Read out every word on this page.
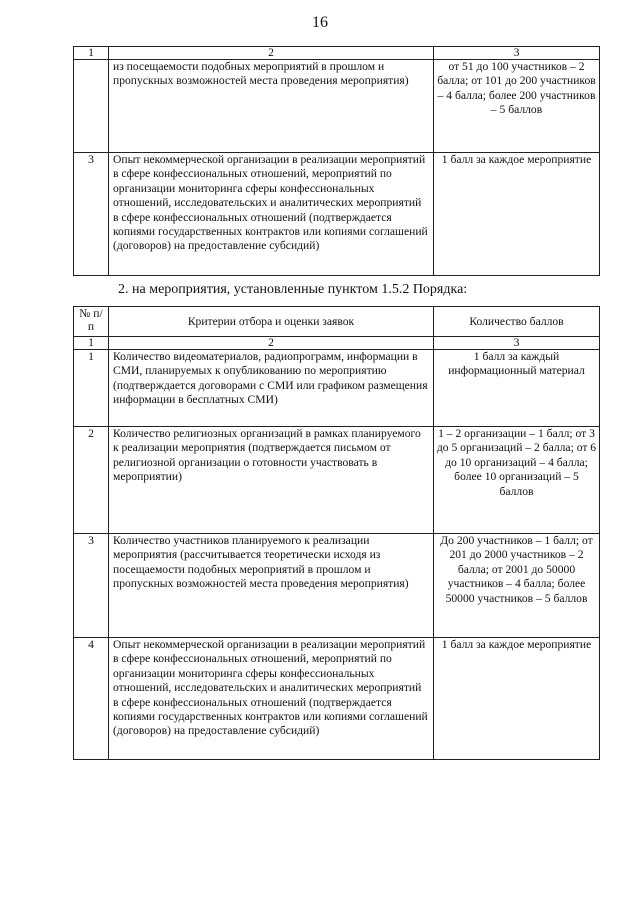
16
1	2	3
	из посещаемости подобных мероприятий в прошлом и пропускных возможностей места проведения мероприятия)	от 51 до 100 участников – 2 балла; от 101 до 200 участников – 4 балла; более 200 участников – 5 баллов
3	Опыт некоммерческой организации в реализации мероприятий в сфере конфессиональных отношений, мероприятий по организации мониторинга сферы конфессиональных отношений, исследовательских и аналитических мероприятий в сфере конфессиональных отношений (подтверждается копиями государственных контрактов или копиями соглашений (договоров) на предоставление субсидий)	1 балл за каждое мероприятие
2. на мероприятия, установленные пунктом 1.5.2 Порядка:
№ п/п	Критерии отбора и оценки заявок	Количество баллов
1	2	3
1	Количество видеоматериалов, радиопрограмм, информации в СМИ, планируемых к опубликованию по мероприятию (подтверждается договорами с СМИ или графиком размещения информации в бесплатных СМИ)	1 балл за каждый информационный материал
2	Количество религиозных организаций в рамках планируемого к реализации мероприятия (подтверждается письмом от религиозной организации о готовности участвовать в мероприятии)	1 – 2 организации – 1 балл; от 3 до 5 организаций – 2 балла; от 6 до 10 организаций – 4 балла; более 10 организаций – 5 баллов
3	Количество участников планируемого к реализации мероприятия (рассчитывается теоретически исходя из посещаемости подобных мероприятий в прошлом и пропускных возможностей места проведения мероприятия)	До 200 участников – 1 балл; от 201 до 2000 участников – 2 балла; от 2001 до 50000 участников – 4 балла; более 50000 участников – 5 баллов
4	Опыт некоммерческой организации в реализации мероприятий в сфере конфессиональных отношений, мероприятий по организации мониторинга сферы конфессиональных отношений, исследовательских и аналитических мероприятий в сфере конфессиональных отношений (подтверждается копиями государственных контрактов или копиями соглашений (договоров) на предоставление субсидий)	1 балл за каждое мероприятие
